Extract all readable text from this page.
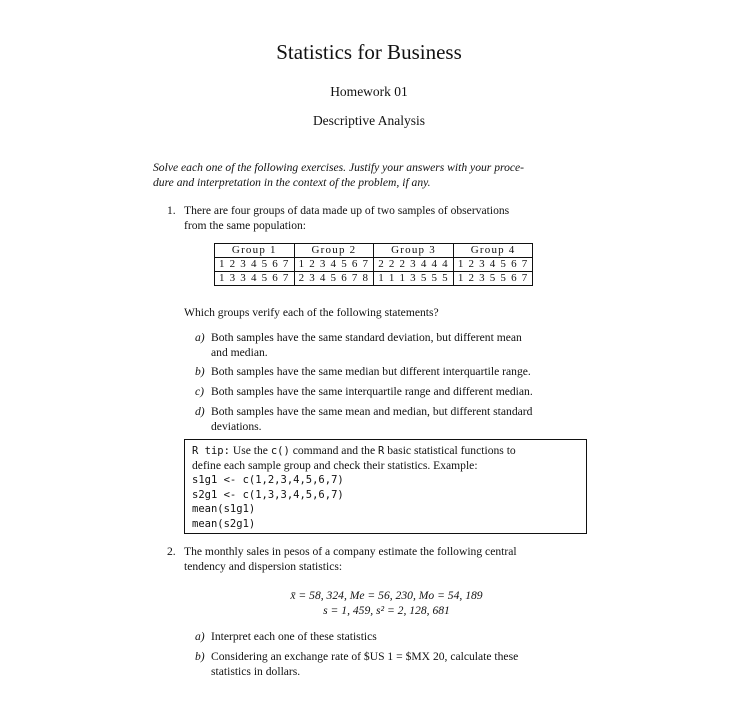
Statistics for Business
Homework 01
Descriptive Analysis
Solve each one of the following exercises. Justify your answers with your proce-
dure and interpretation in the context of the problem, if any.
1. There are four groups of data made up of two samples of observations
from the same population:
Group 1	Group 2	Group 3	Group 4
1 2 3 4 5 6 7	1 2 3 4 5 6 7	2 2 2 3 4 4 4	1 2 3 4 5 6 7
1 3 3 4 5 6 7	2 3 4 5 6 7 8	1 1 1 3 5 5 5	1 2 3 5 5 6 7
Which groups verify each of the following statements?
a) Both samples have the same standard deviation, but different mean
and median.
b) Both samples have the same median but different interquartile range.
c) Both samples have the same interquartile range and different median.
d) Both samples have the same mean and median, but different standard
deviations.
R tip: Use the c() command and the R basic statistical functions to
define each sample group and check their statistics. Example:
s1g1 <- c(1,2,3,4,5,6,7)
s2g1 <- c(1,3,3,4,5,6,7)
mean(s1g1)
mean(s2g1)
2. The monthly sales in pesos of a company estimate the following central
tendency and dispersion statistics:
x̄ = 58, 324, Me = 56, 230, Mo = 54, 189
s = 1, 459, s² = 2, 128, 681
a) Interpret each one of these statistics
b) Considering an exchange rate of $US 1 = $MX 20, calculate these
statistics in dollars.
